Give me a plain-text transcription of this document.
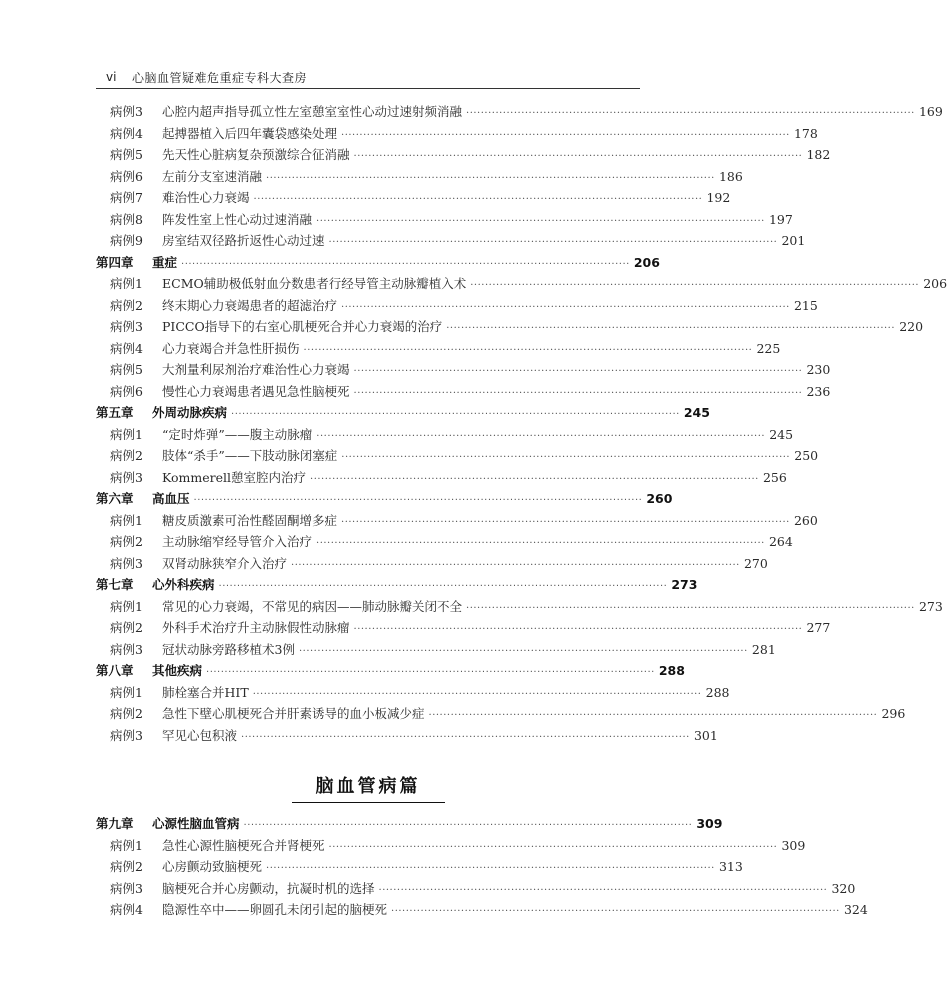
vi 心脑血管疑难危重症专科大查房
病例3	心腔内超声指导孤立性左室憩室室性心动过速射频消融 ·························································································································· 169
病例4	起搏器植入后四年囊袋感染处理 ·························································································································· 178
病例5	先天性心脏病复杂预激综合征消融 ·························································································································· 182
病例6	左前分支室速消融 ·························································································································· 186
病例7	难治性心力衰竭 ·························································································································· 192
病例8	阵发性室上性心动过速消融 ·························································································································· 197
病例9	房室结双径路折返性心动过速 ·························································································································· 201
第四章	重症 ·························································································································· 206
病例1	ECMO辅助极低射血分数患者行经导管主动脉瓣植入术 ·························································································································· 206
病例2	终末期心力衰竭患者的超滤治疗 ·························································································································· 215
病例3	PICCO指导下的右室心肌梗死合并心力衰竭的治疗 ·························································································································· 220
病例4	心力衰竭合并急性肝损伤 ·························································································································· 225
病例5	大剂量利尿剂治疗难治性心力衰竭 ·························································································································· 230
病例6	慢性心力衰竭患者遇见急性脑梗死 ·························································································································· 236
第五章	外周动脉疾病 ·························································································································· 245
病例1	“定时炸弹”——腹主动脉瘤 ·························································································································· 245
病例2	肢体“杀手”——下肢动脉闭塞症 ·························································································································· 250
病例3	Kommerell憩室腔内治疗 ·························································································································· 256
第六章	高血压 ·························································································································· 260
病例1	糖皮质激素可治性醛固酮增多症 ·························································································································· 260
病例2	主动脉缩窄经导管介入治疗 ·························································································································· 264
病例3	双肾动脉狭窄介入治疗 ·························································································································· 270
第七章	心外科疾病 ·························································································································· 273
病例1	常见的心力衰竭，不常见的病因——肺动脉瓣关闭不全 ·························································································································· 273
病例2	外科手术治疗升主动脉假性动脉瘤 ·························································································································· 277
病例3	冠状动脉旁路移植术3例 ·························································································································· 281
第八章	其他疾病 ·························································································································· 288
病例1	肺栓塞合并HIT ·························································································································· 288
病例2	急性下壁心肌梗死合并肝素诱导的血小板减少症 ·························································································································· 296
病例3	罕见心包积液 ·························································································································· 301
脑血管病篇
第九章	心源性脑血管病 ·························································································································· 309
病例1	急性心源性脑梗死合并肾梗死 ·························································································································· 309
病例2	心房颤动致脑梗死 ·························································································································· 313
病例3	脑梗死合并心房颤动，抗凝时机的选择 ·························································································································· 320
病例4	隐源性卒中——卵圆孔未闭引起的脑梗死 ·························································································································· 324
